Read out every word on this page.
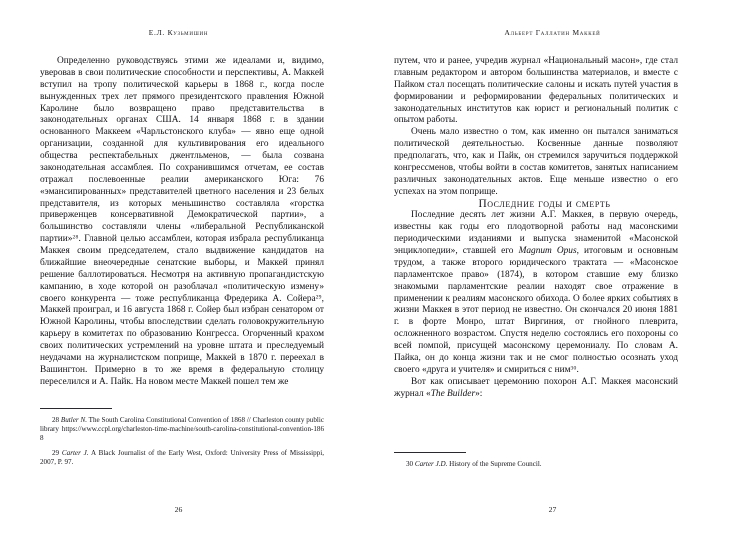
Е.Л. Кузьмишин

Определенно руководствуясь этими же идеалами и, видимо, уверовав в свои политические способности и перспективы, А. Маккей вступил на тропу политической карьеры в 1868 г., когда после вынужденных трех лет прямого президентского правления Южной Каролине было возвращено право представительства в законодательных органах США. 14 января 1868 г. в здании основанного Маккеем «Чарльстонского клуба» — явно еще одной организации, созданной для культивирования его идеального общества респектабельных джентльменов, — была созвана законодательная ассамблея. По сохранившимся отчетам, ее состав отражал послевоенные реалии американского Юга: 76 «эмансипированных» представителей цветного населения и 23 белых представителя, из которых меньшинство составляла «горстка приверженцев консервативной Демократической партии», а большинство составляли члены «либеральной Республиканской партии»$^{28}$. Главной целью ассамблеи, которая избрала республиканца Маккея своим председателем, стало выдвижение кандидатов на ближайшие внеочередные сенатские выборы, и Маккей принял решение баллотироваться. Несмотря на активную пропагандистскую кампанию, в ходе которой он разоблачал «политическую измену» своего конкурента — тоже республиканца Фредерика А. Сойера$^{29}$, Маккей проиграл, и 16 августа 1868 г. Сойер был избран сенатором от Южной Каролины, чтобы впоследствии сделать головокружительную карьеру в комитетах по образованию Конгресса. Огорченный крахом своих политических устремлений на уровне штата и преследуемый неудачами на журналистском поприще, Маккей в 1870 г. переехал в Вашингтон. Примерно в то же время в федеральную столицу переселился и А. Пайк. На новом месте Маккей пошел тем же

28 Butler N. The South Carolina Constitutional Convention of 1868 // Charleston county public library https://www.ccpl.org/charleston-time-machine/south-carolina-constitutional-convention-1868

29 Carter J. A Black Journalist of the Early West, Oxford: University Press of Mississippi, 2007, P. 97.

26
Альберт Галлатин Маккей

путем, что и ранее, учредив журнал «Национальный масон», где стал главным редактором и автором большинства материалов, и вместе с Пайком стал посещать политические салоны и искать путей участия в формировании и реформировании федеральных политических и законодательных институтов как юрист и региональный политик с опытом работы.

Очень мало известно о том, как именно он пытался заниматься политической деятельностью. Косвенные данные позволяют предполагать, что, как и Пайк, он стремился заручиться поддержкой конгрессменов, чтобы войти в состав комитетов, занятых написанием различных законодательных актов. Еще меньше известно о его успехах на этом поприще.

Последние годы и смерть

Последние десять лет жизни А.Г. Маккея, в первую очередь, известны как годы его плодотворной работы над масонскими периодическими изданиями и выпуска знаменитой «Масонской энциклопедии», ставшей его Magnum Opus, итоговым и основным трудом, а также второго юридического трактата — «Масонское парламентское право» (1874), в котором ставшие ему близко знакомыми парламентские реалии находят свое отражение в применении к реалиям масонского обихода. О более ярких событиях в жизни Маккея в этот период не известно. Он скончался 20 июня 1881 г. в форте Монро, штат Виргиния, от гнойного плеврита, осложненного возрастом. Спустя неделю состоялись его похороны со всей помпой, присущей масонскому церемониалу. По словам А. Пайка, он до конца жизни так и не смог полностью осознать уход своего «друга и учителя» и смириться с ним$^{30}$.

Вот как описывает церемонию похорон А.Г. Маккея масонский журнал «The Builder»:

30 Carter J.D. History of the Supreme Council.

27
